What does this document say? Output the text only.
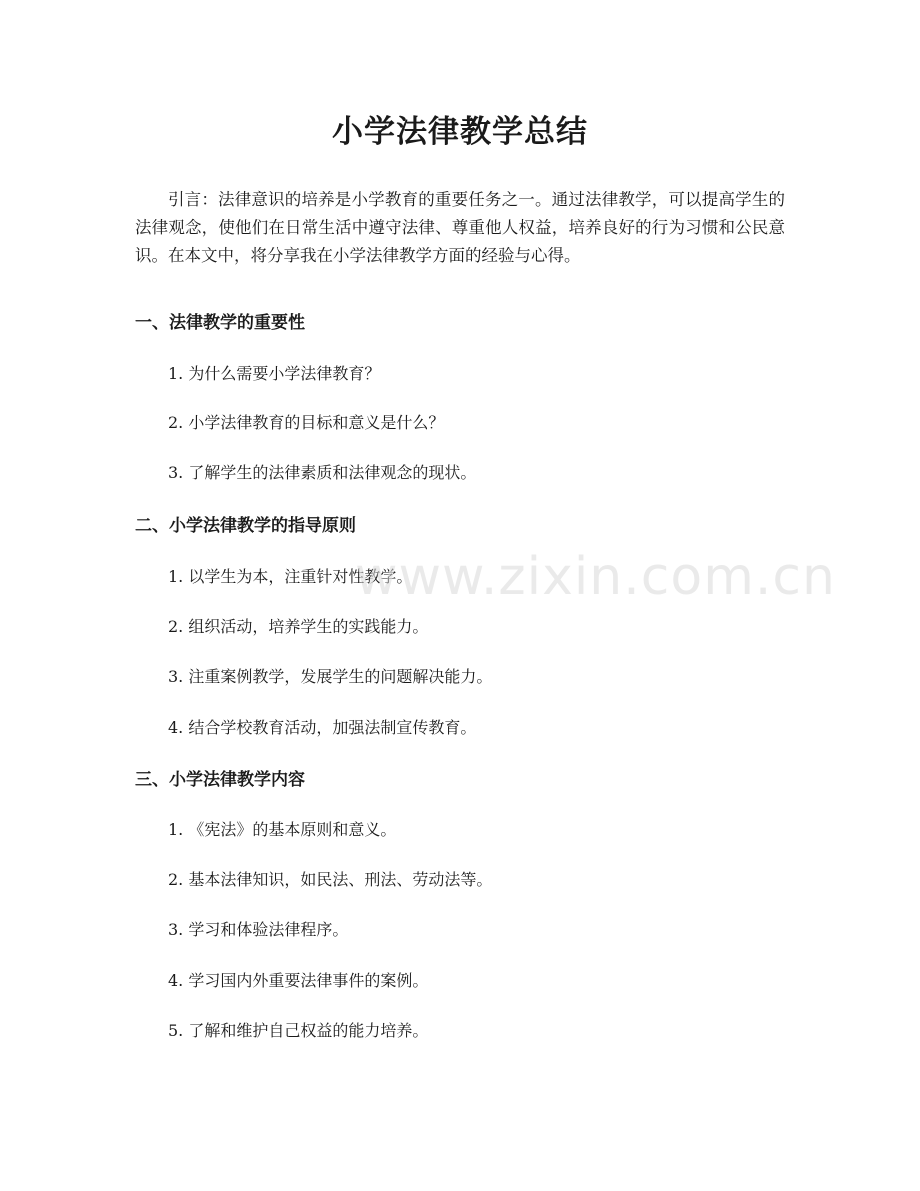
小学法律教学总结

引言：法律意识的培养是小学教育的重要任务之一。通过法律教学，可以提高学生的法律观念，使他们在日常生活中遵守法律、尊重他人权益，培养良好的行为习惯和公民意识。在本文中，将分享我在小学法律教学方面的经验与心得。

一、法律教学的重要性

1. 为什么需要小学法律教育？

2. 小学法律教育的目标和意义是什么？

3. 了解学生的法律素质和法律观念的现状。

二、小学法律教学的指导原则

1. 以学生为本，注重针对性教学。

2. 组织活动，培养学生的实践能力。

3. 注重案例教学，发展学生的问题解决能力。

4. 结合学校教育活动，加强法制宣传教育。

三、小学法律教学内容

1. 《宪法》的基本原则和意义。

2. 基本法律知识，如民法、刑法、劳动法等。

3. 学习和体验法律程序。

4. 学习国内外重要法律事件的案例。

5. 了解和维护自己权益的能力培养。

www.zixin.com.cn
